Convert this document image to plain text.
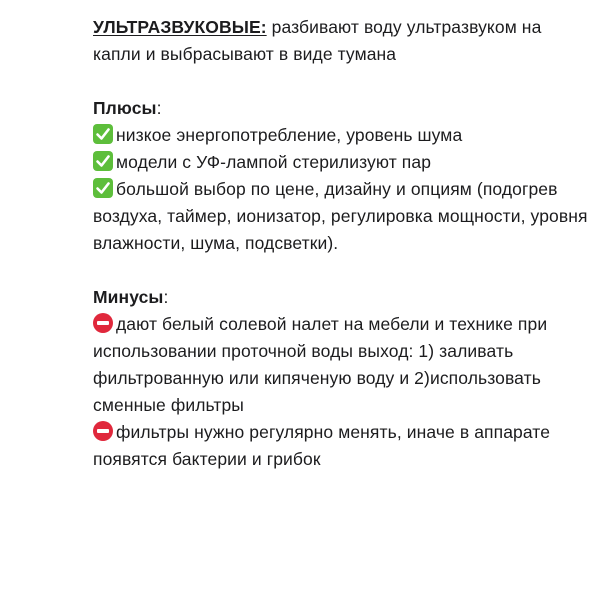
УЛЬТРАЗВУКОВЫЕ: разбивают воду ультразвуком на капли и выбрасывают в виде тумана

Плюсы:

низкое энергопотребление, уровень шума

модели с УФ-лампой стерилизуют пар

большой выбор по цене, дизайну и опциям (подогрев воздуха, таймер, ионизатор, регулировка мощности, уровня влажности, шума, подсветки).

Минусы:

дают белый солевой налет на мебели и технике при использовании проточной воды выход: 1) заливать фильтрованную или кипяченую воду и 2)использовать сменные фильтры

фильтры нужно регулярно менять, иначе в аппарате появятся бактерии и грибок
